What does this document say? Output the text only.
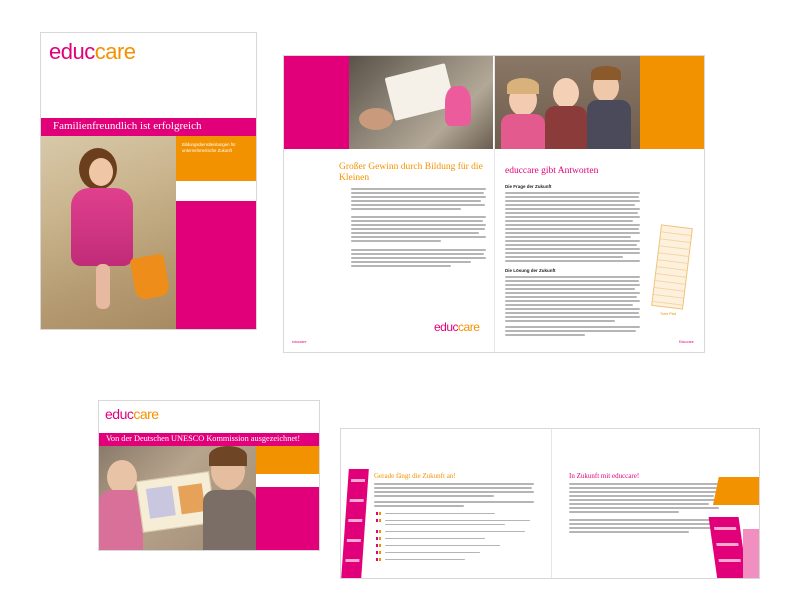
educcare
Familienfreundlich ist erfolgreich
Bildungsdienstleistungen für unternehmerische Zukunft
Großer Gewinn durch Bildung für die Kleinen
educcare
educcare
educcare gibt Antworten
Die Frage der Zukunft
Die Lösung der Zukunft
Torre Pisa
Educcare
educcare
Von der Deutschen UNESCO Kommission ausgezeichnet!
Gerade fängt die Zukunft an!	In Zukunft mit educcare!
